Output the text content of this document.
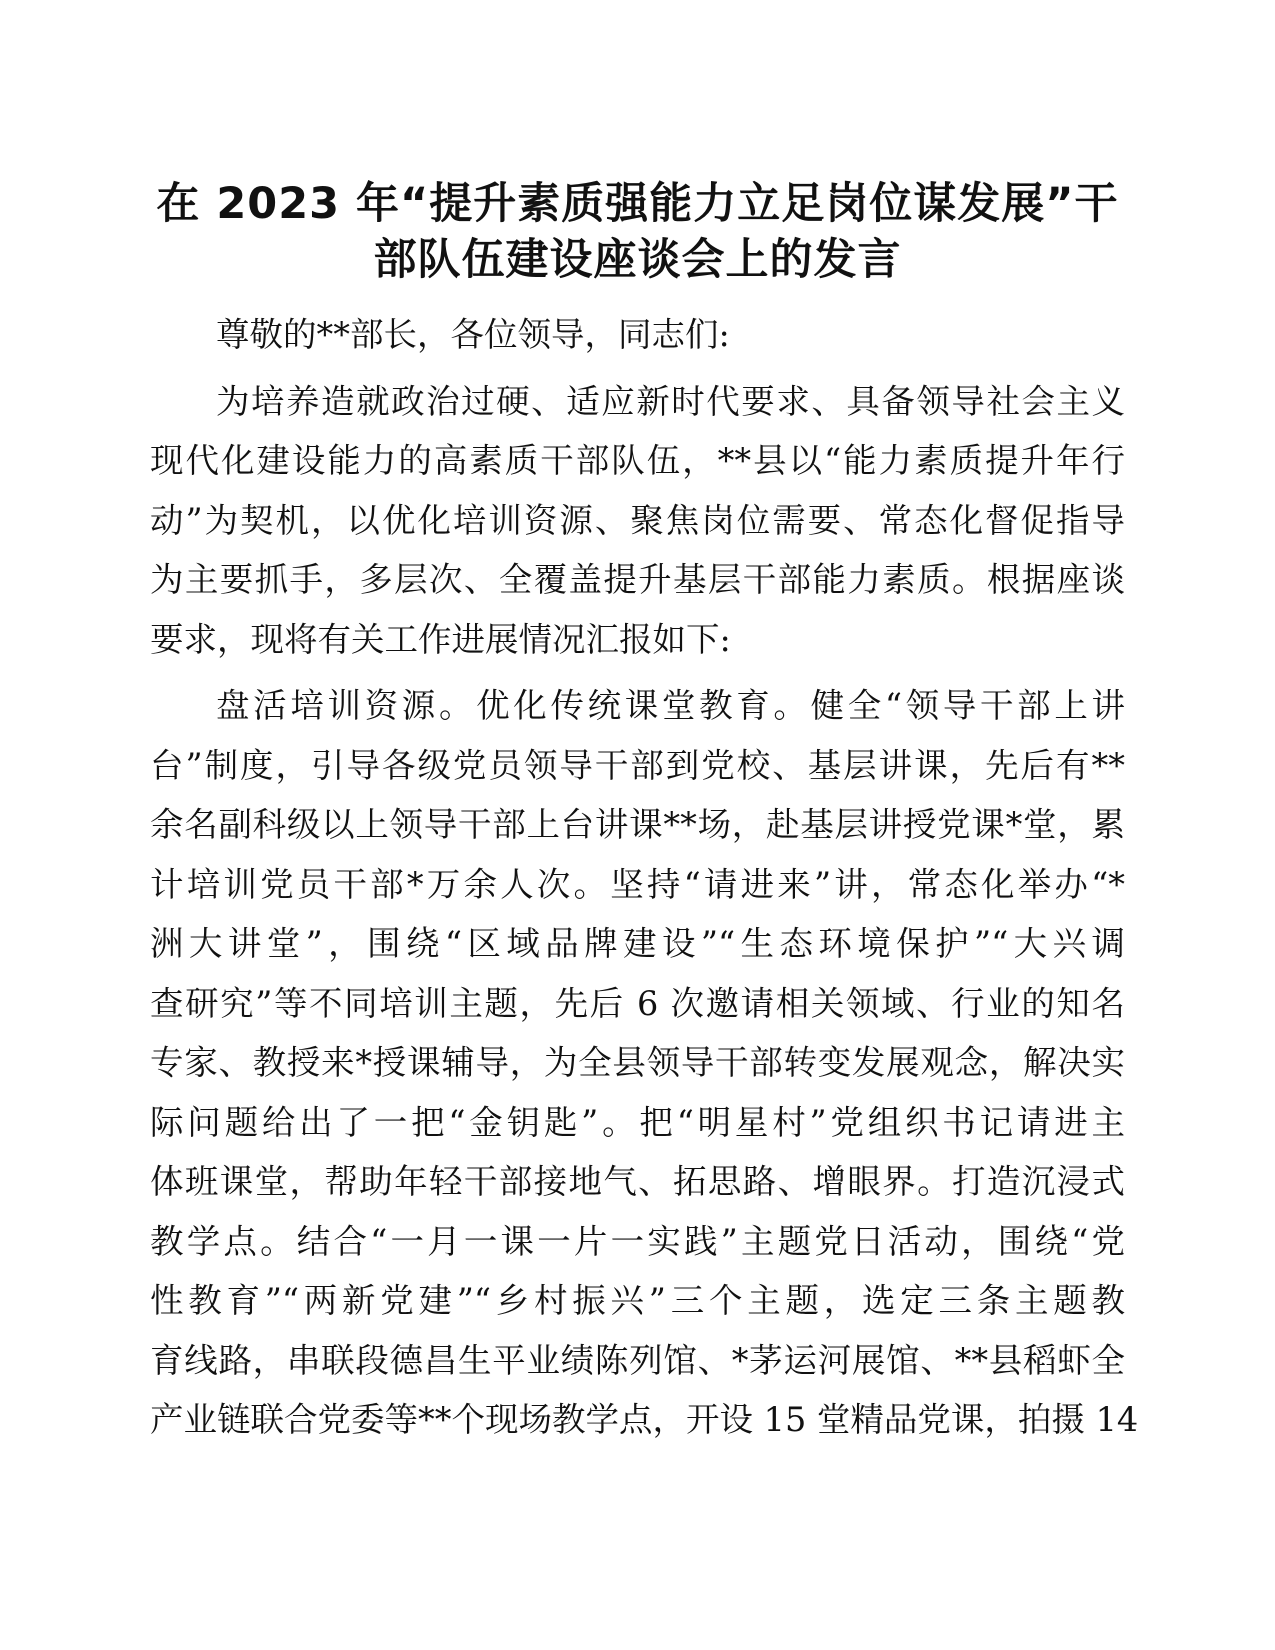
在 2023 年“提升素质强能力立足岗位谋发展”干
部队伍建设座谈会上的发言
尊敬的**部长，各位领导，同志们:
为培养造就政治过硬、适应新时代要求、具备领导社会主义
现代化建设能力的高素质干部队伍，**县以“能力素质提升年行
动”为契机，以优化培训资源、聚焦岗位需要、常态化督促指导
为主要抓手，多层次、全覆盖提升基层干部能力素质。根据座谈
要求，现将有关工作进展情况汇报如下:
盘活培训资源。优化传统课堂教育。健全“领导干部上讲
台”制度，引导各级党员领导干部到党校、基层讲课，先后有**
余名副科级以上领导干部上台讲课**场，赴基层讲授党课*堂，累
计培训党员干部*万余人次。坚持“请进来”讲，常态化举办“*
洲大讲堂”，围绕“区域品牌建设”“生态环境保护”“大兴调
查研究”等不同培训主题，先后 6 次邀请相关领域、行业的知名
专家、教授来*授课辅导，为全县领导干部转变发展观念，解决实
际问题给出了一把“金钥匙”。把“明星村”党组织书记请进主
体班课堂，帮助年轻干部接地气、拓思路、增眼界。打造沉浸式
教学点。结合“一月一课一片一实践”主题党日活动，围绕“党
性教育”“两新党建”“乡村振兴”三个主题，选定三条主题教
育线路，串联段德昌生平业绩陈列馆、*茅运河展馆、**县稻虾全
产业链联合党委等**个现场教学点，开设 15 堂精品党课，拍摄 14
